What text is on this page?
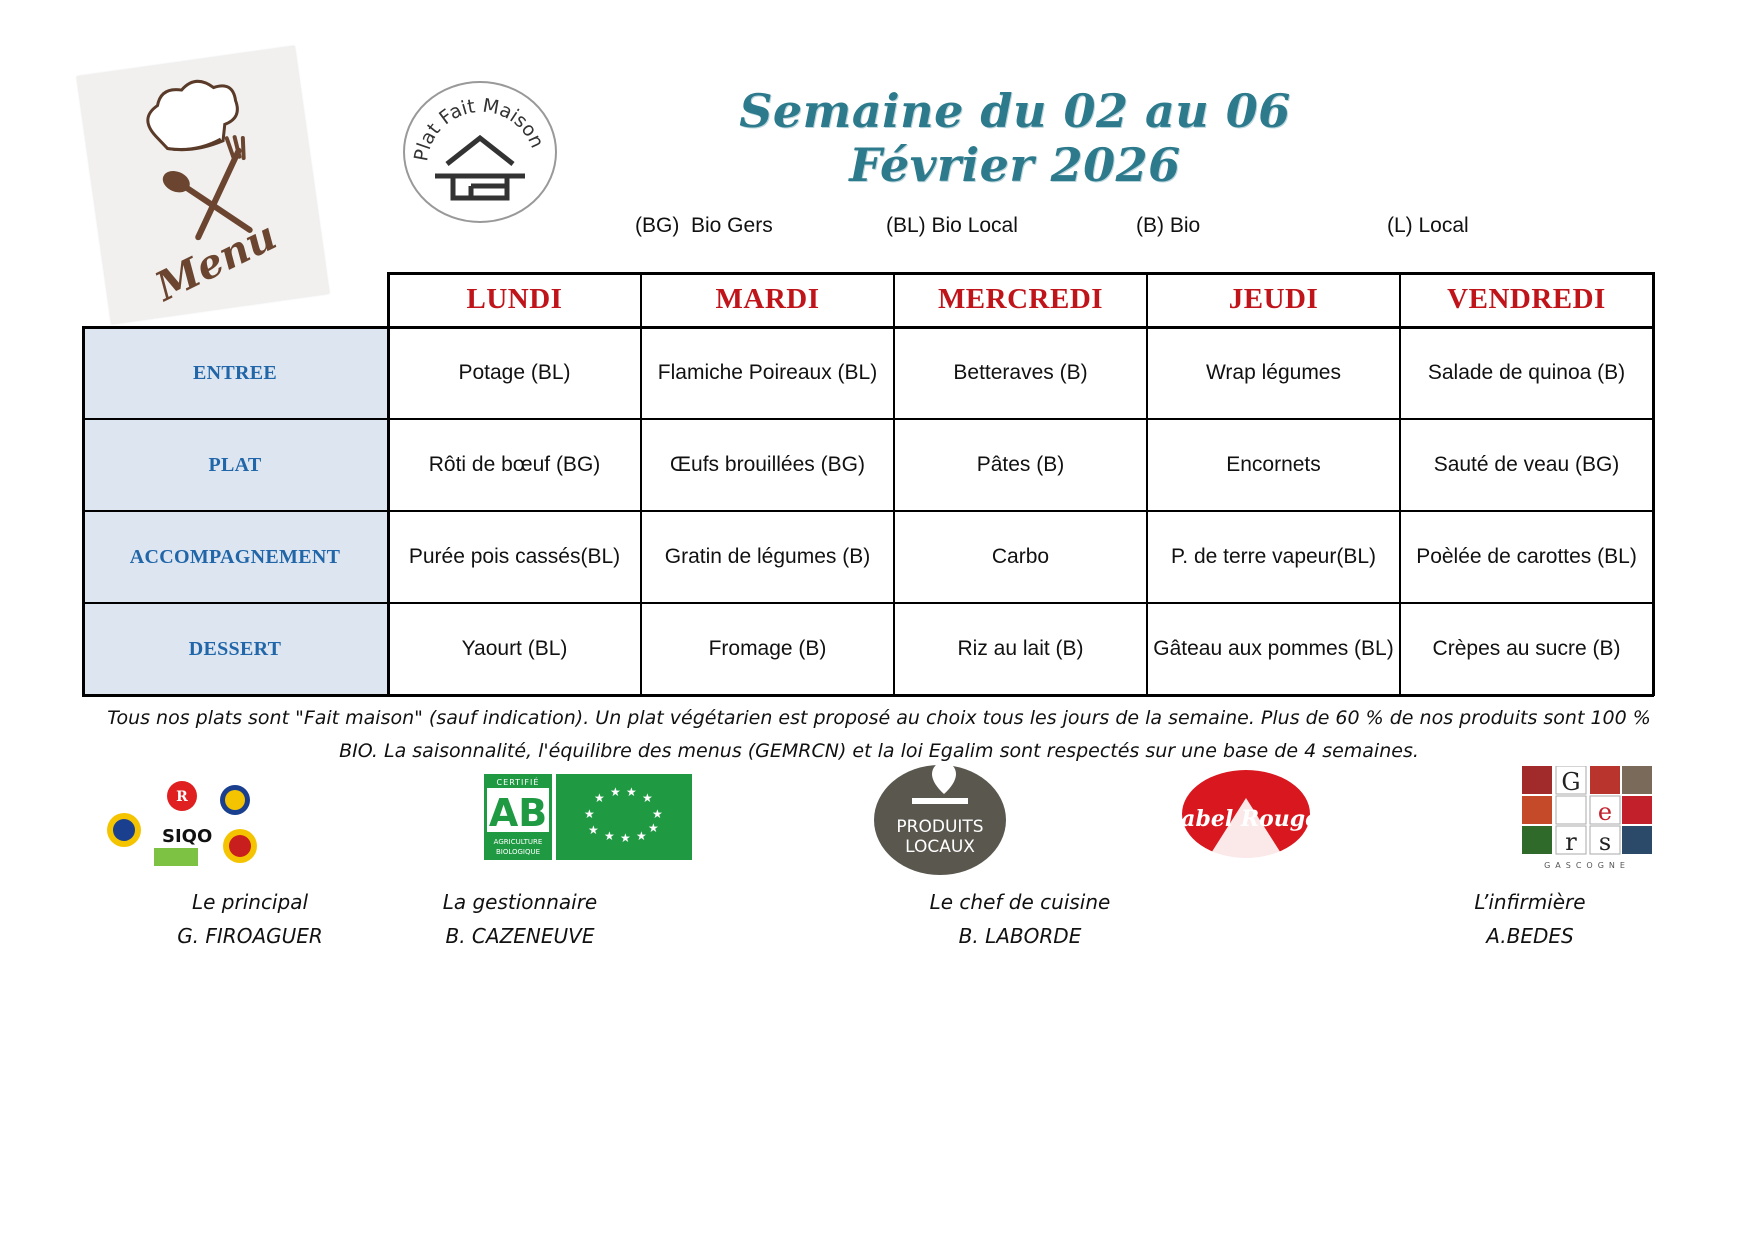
Menu
Plat Fait Maison
Semaine du 02 au 06 Février 2026
(BG)  Bio Gers	(BL) Bio Local	(B) Bio	(L) Local
LUNDI	MARDI	MERCREDI	JEUDI	VENDREDI
ENTREE	Potage (BL)	Flamiche Poireaux (BL)	Betteraves (B)	Wrap légumes	Salade de quinoa (B)
PLAT	Rôti de bœuf (BG)	Œufs brouillées (BG)	Pâtes (B)	Encornets	Sauté de veau (BG)
ACCOMPAGNEMENT	Purée pois cassés(BL)	Gratin de légumes (B)	Carbo	P. de terre vapeur(BL)	Poèlée de carottes (BL)
DESSERT	Yaourt (BL)	Fromage (B)	Riz au lait (B)	Gâteau aux pommes (BL)	Crèpes au sucre (B)
Tous nos plats sont "Fait maison" (sauf indication). Un plat végétarien est proposé au choix tous les jours de la semaine. Plus de 60 % de nos produits sont 100 %
BIO. La saisonnalité, l'équilibre des menus (GEMRCN) et la loi Egalim sont respectés sur une base de 4 semaines.
R
SIQO
CERTIFIÉ
AB
AGRICULTURE
BIOLOGIQUE
★ ★ ★ ★
★	★
★ ★ ★ ★
★	PRODUITS
LOCAUX
label Rouge
G
e
r s
GASCOGNE
Le principal
G. FIROAGUER
La gestionnaire
B. CAZENEUVE
Le chef de cuisine
B. LABORDE
L’infirmière
A.BEDES
